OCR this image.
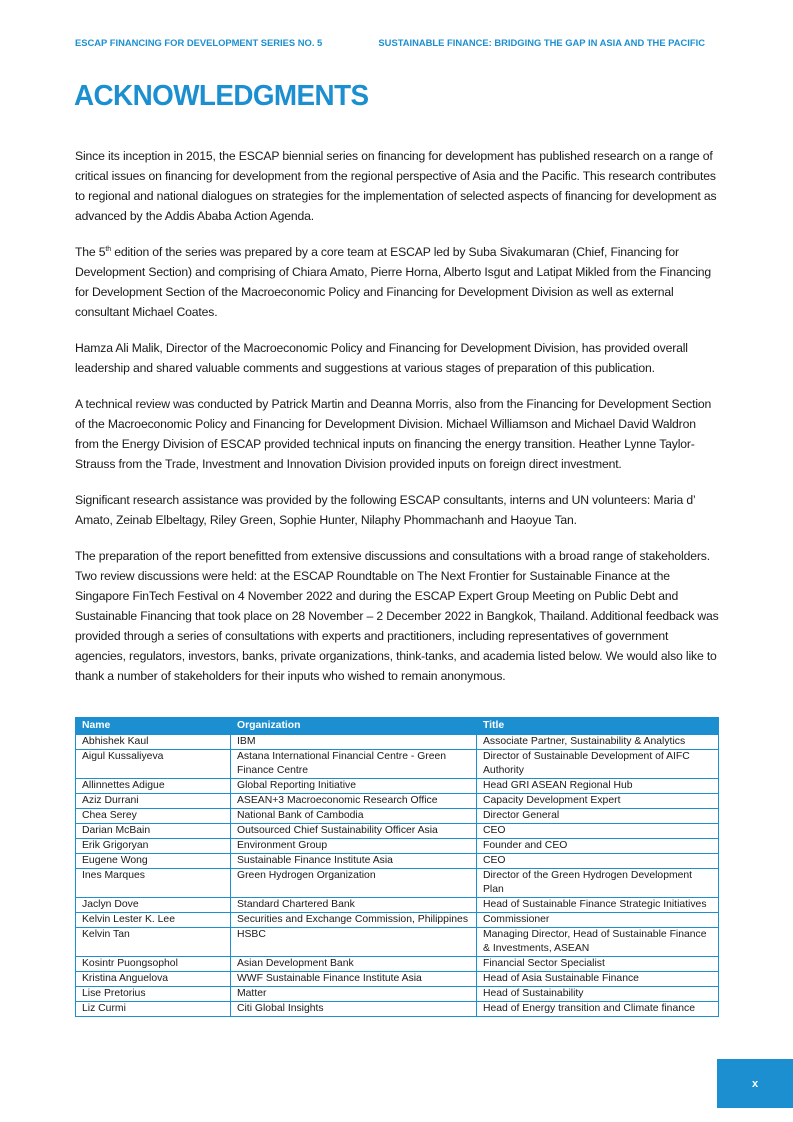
ESCAP FINANCING FOR DEVELOPMENT SERIES NO. 5	SUSTAINABLE FINANCE: BRIDGING THE GAP IN ASIA AND THE PACIFIC
ACKNOWLEDGMENTS

Since its inception in 2015, the ESCAP biennial series on financing for development has published research on a range of critical issues on financing for development from the regional perspective of Asia and the Pacific. This research contributes to regional and national dialogues on strategies for the implementation of selected aspects of financing for development as advanced by the Addis Ababa Action Agenda.

The 5th edition of the series was prepared by a core team at ESCAP led by Suba Sivakumaran (Chief, Financing for Development Section) and comprising of Chiara Amato, Pierre Horna, Alberto Isgut and Latipat Mikled from the Financing for Development Section of the Macroeconomic Policy and Financing for Development Division as well as external consultant Michael Coates.

Hamza Ali Malik, Director of the Macroeconomic Policy and Financing for Development Division, has provided overall leadership and shared valuable comments and suggestions at various stages of preparation of this publication.

A technical review was conducted by Patrick Martin and Deanna Morris, also from the Financing for Development Section of the Macroeconomic Policy and Financing for Development Division. Michael Williamson and Michael David Waldron from the Energy Division of ESCAP provided technical inputs on financing the energy transition. Heather Lynne Taylor-Strauss from the Trade, Investment and Innovation Division provided inputs on foreign direct investment.

Significant research assistance was provided by the following ESCAP consultants, interns and UN volunteers: Maria d’ Amato, Zeinab Elbeltagy, Riley Green, Sophie Hunter, Nilaphy Phommachanh and Haoyue Tan.

The preparation of the report benefitted from extensive discussions and consultations with a broad range of stakeholders. Two review discussions were held: at the ESCAP Roundtable on The Next Frontier for Sustainable Finance at the Singapore FinTech Festival on 4 November 2022 and during the ESCAP Expert Group Meeting on Public Debt and Sustainable Financing that took place on 28 November – 2 December 2022 in Bangkok, Thailand. Additional feedback was provided through a series of consultations with experts and practitioners, including representatives of government agencies, regulators, investors, banks, private organizations, think-tanks, and academia listed below. We would also like to thank a number of stakeholders for their inputs who wished to remain anonymous.

Name	Organization	Title
Abhishek Kaul	IBM	Associate Partner, Sustainability & Analytics
Aigul Kussaliyeva	Astana International Financial Centre - Green Finance Centre	Director of Sustainable Development of AIFC Authority
Allinnettes Adigue	Global Reporting Initiative	Head GRI ASEAN Regional Hub
Aziz Durrani	ASEAN+3 Macroeconomic Research Office	Capacity Development Expert
Chea Serey	National Bank of Cambodia	Director General
Darian McBain	Outsourced Chief Sustainability Officer Asia	CEO
Erik Grigoryan	Environment Group	Founder and CEO
Eugene Wong	Sustainable Finance Institute Asia	CEO
Ines Marques	Green Hydrogen Organization	Director of the Green Hydrogen Development Plan
Jaclyn Dove	Standard Chartered Bank	Head of Sustainable Finance Strategic Initiatives
Kelvin Lester K. Lee	Securities and Exchange Commission, Philippines	Commissioner
Kelvin Tan	HSBC	Managing Director, Head of Sustainable Finance & Investments, ASEAN
Kosintr Puongsophol	Asian Development Bank	Financial Sector Specialist
Kristina Anguelova	WWF Sustainable Finance Institute Asia	Head of Asia Sustainable Finance
Lise Pretorius	Matter	Head of Sustainability
Liz Curmi	Citi Global Insights	Head of Energy transition and Climate finance
x
